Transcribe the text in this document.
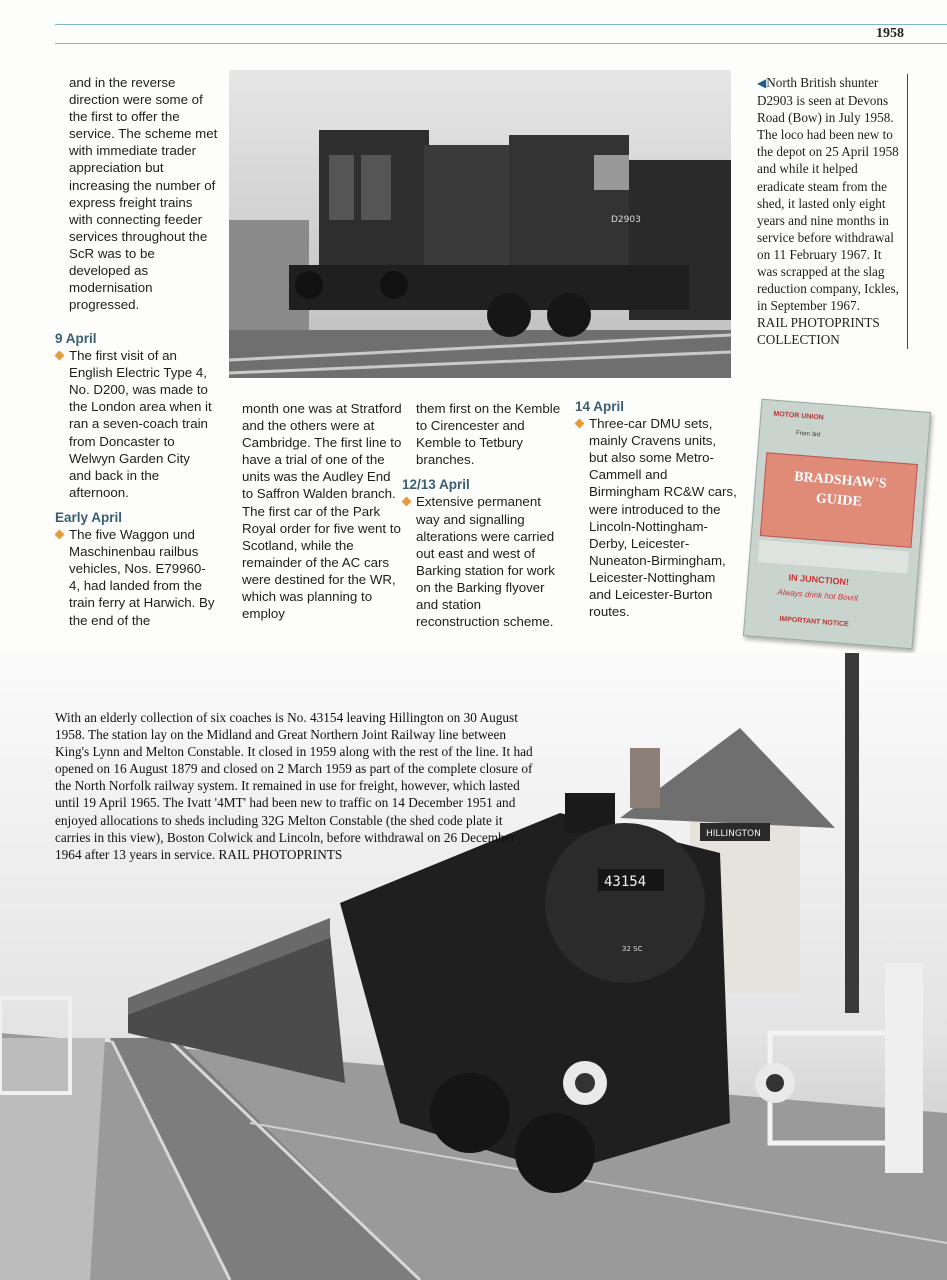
1958

and in the reverse direction were some of the first to offer the service. The scheme met with immediate trader appreciation but increasing the number of express freight trains with connecting feeder services throughout the ScR was to be developed as modernisation progressed.

9 April

The first visit of an English Electric Type 4, No. D200, was made to the London area when it ran a seven-coach train from Doncaster to Welwyn Garden City and back in the afternoon.

Early April

The five Waggon und Maschinenbau railbus vehicles, Nos. E79960-4, had landed from the train ferry at Harwich. By the end of the

month one was at Stratford and the others were at Cambridge. The first line to have a trial of one of the units was the Audley End to Saffron Walden branch. The first car of the Park Royal order for five went to Scotland, while the remainder of the AC cars were destined for the WR, which was planning to employ

them first on the Kemble to Cirencester and Kemble to Tetbury branches.

12/13 April

Extensive permanent way and signalling alterations were carried out east and west of Barking station for work on the Barking flyover and station reconstruction scheme.

14 April

Three-car DMU sets, mainly Cravens units, but also some Metro-Cammell and Birmingham RC&W cars, were introduced to the Lincoln-Nottingham-Derby, Leicester-Nuneaton-Birmingham, Leicester-Nottingham and Leicester-Burton routes.

D2903
◀North British shunter D2903 is seen at Devons Road (Bow) in July 1958. The loco had been new to the depot on 25 April 1958 and while it helped eradicate steam from the shed, it lasted only eight years and nine months in service before withdrawal on 11 February 1967. It was scrapped at the slag reduction company, Ickles, in September 1967.
RAIL PHOTOPRINTS COLLECTION
MOTOR UNION
From 3rd
BRADSHAW'S
GUIDE
IN JUNCTION!
Always drink hot Bovril
IMPORTANT NOTICE
HILLINGTON
43154
32 SC
With an elderly collection of six coaches is No. 43154 leaving Hillington on 30 August 1958. The station lay on the Midland and Great Northern Joint Railway line between King's Lynn and Melton Constable. It closed in 1959 along with the rest of the line. It had opened on 16 August 1879 and closed on 2 March 1959 as part of the complete closure of the North Norfolk railway system. It remained in use for freight, however, which lasted until 19 April 1965. The Ivatt '4MT' had been new to traffic on 14 December 1951 and enjoyed allocations to sheds including 32G Melton Constable (the shed code plate it carries in this view), Boston Colwick and Lincoln, before withdrawal on 26 December 1964 after 13 years in service. RAIL PHOTOPRINTS
